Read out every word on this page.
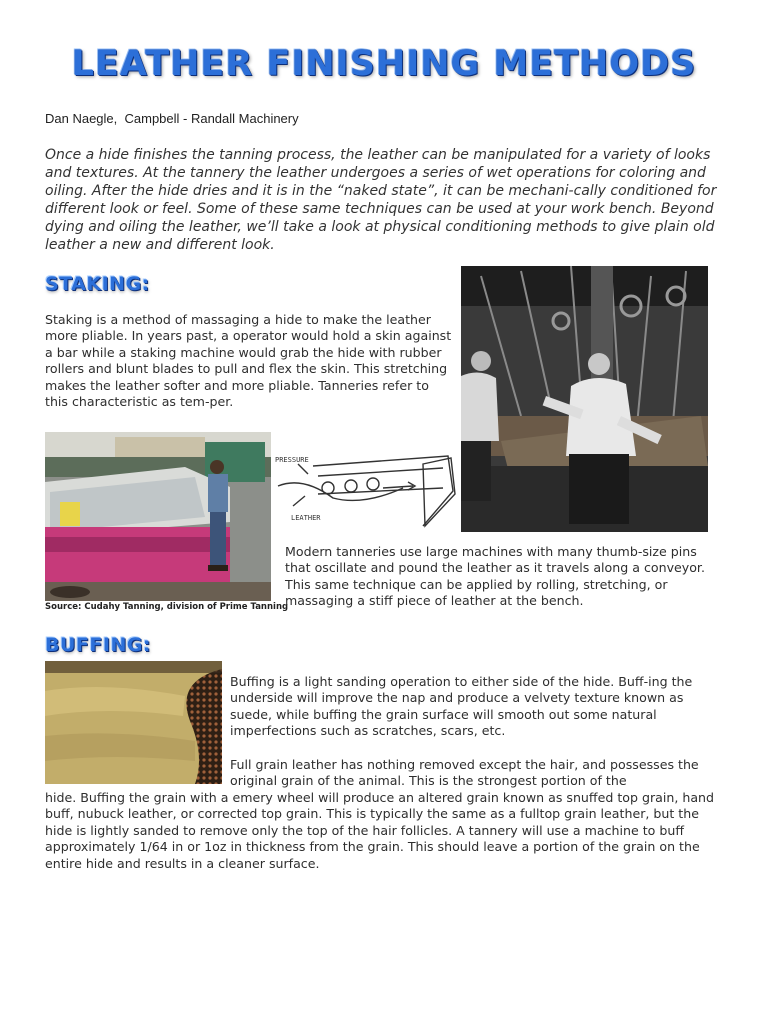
LEATHER FINISHING METHODS
Dan Naegle,  Campbell - Randall Machinery
Once a hide finishes the tanning process, the leather can be manipulated for a variety of looks and textures. At the tannery the leather undergoes a series of wet operations for coloring and oiling. After the hide dries and it is in the “naked state”, it can be mechani-cally conditioned for different look or feel. Some of these same techniques can be used at your work bench. Beyond dying and oiling the leather, we’ll take a look at physical conditioning methods to give plain old leather a new and different look.
STAKING:
Staking is a method of massaging a hide to make the leather more pliable. In years past, a operator would hold a skin against a bar while a staking machine would grab the hide with rubber rollers and blunt blades to pull and flex the skin. This stretching makes the leather softer and more pliable. Tanneries refer to this characteristic as tem-per.
PRESSURE
LEATHER
Source: Cudahy Tanning, division of Prime Tanning
Modern tanneries use large machines with many thumb-size pins that oscillate and pound the leather as it travels along a conveyor. This same technique can be applied by rolling, stretching, or massaging a stiff piece of leather at the bench.
BUFFING:
Buffing is a light sanding operation to either side of the hide. Buff-ing the underside will improve the nap and produce a velvety texture known as suede, while buffing the grain surface will smooth out some natural imperfections such as scratches, scars, etc.
Full grain leather has nothing removed except the hair, and possesses the original grain of the animal. This is the strongest portion of the
hide. Buffing the grain with a emery wheel will produce an altered grain known as snuffed top grain, hand buff, nubuck leather, or corrected top grain. This is typically the same as a fulltop grain leather, but the hide is lightly sanded to remove only the top of the hair follicles. A tannery will use a machine to buff approximately 1/64 in or 1oz in thickness from the grain. This should leave a portion of the grain on the entire hide and results in a cleaner surface.
